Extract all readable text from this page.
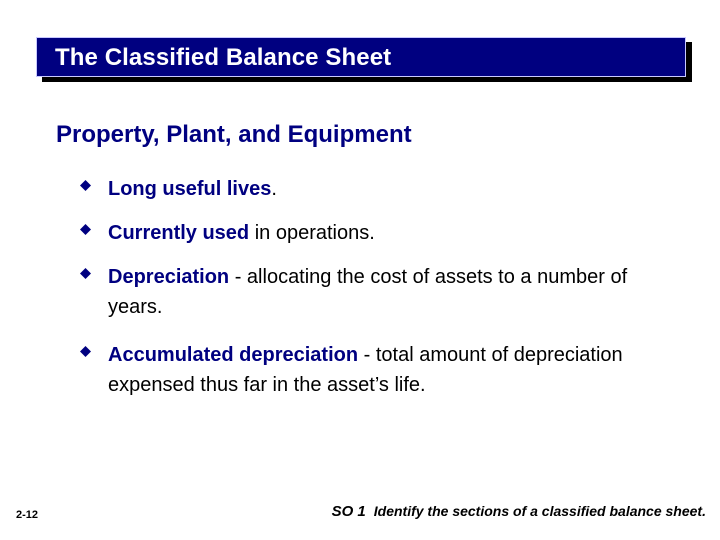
The Classified Balance Sheet
Property, Plant, and Equipment
Long useful lives.
Currently used in operations.
Depreciation - allocating the cost of assets to a number of years.
Accumulated depreciation - total amount of depreciation expensed thus far in the asset’s life.
2-12	SO 1 Identify the sections of a classified balance sheet.
